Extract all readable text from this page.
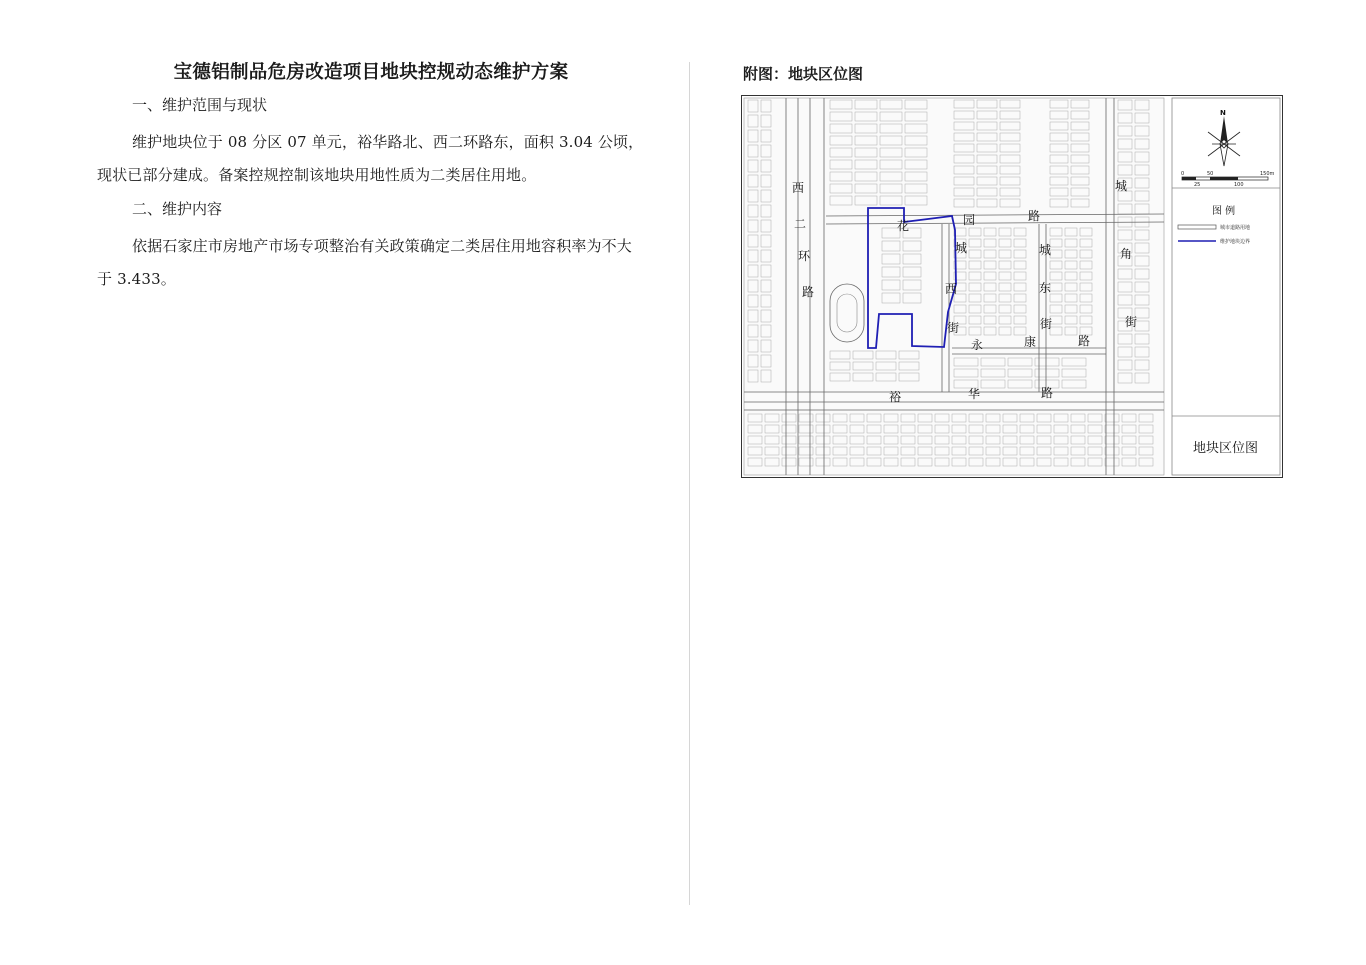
宝德铝制品危房改造项目地块控规动态维护方案
一、维护范围与现状
维护地块位于 08 分区 07 单元，裕华路北、西二环路东，面积 3.04 公顷，现状已部分建成。备案控规控制该地块用地性质为二类居住用地。
二、维护内容
依据石家庄市房地产市场专项整治有关政策确定二类居住用地容积率为不大于 3.433。
附图：地块区位图
西
二
环
路
花	园	路
城
西
街
城
东
街
城
角
街
永	康	路
裕	华	路
N
0	50	150m
25	100
图 例
城市道路用地
维护地块边界
地块区位图
